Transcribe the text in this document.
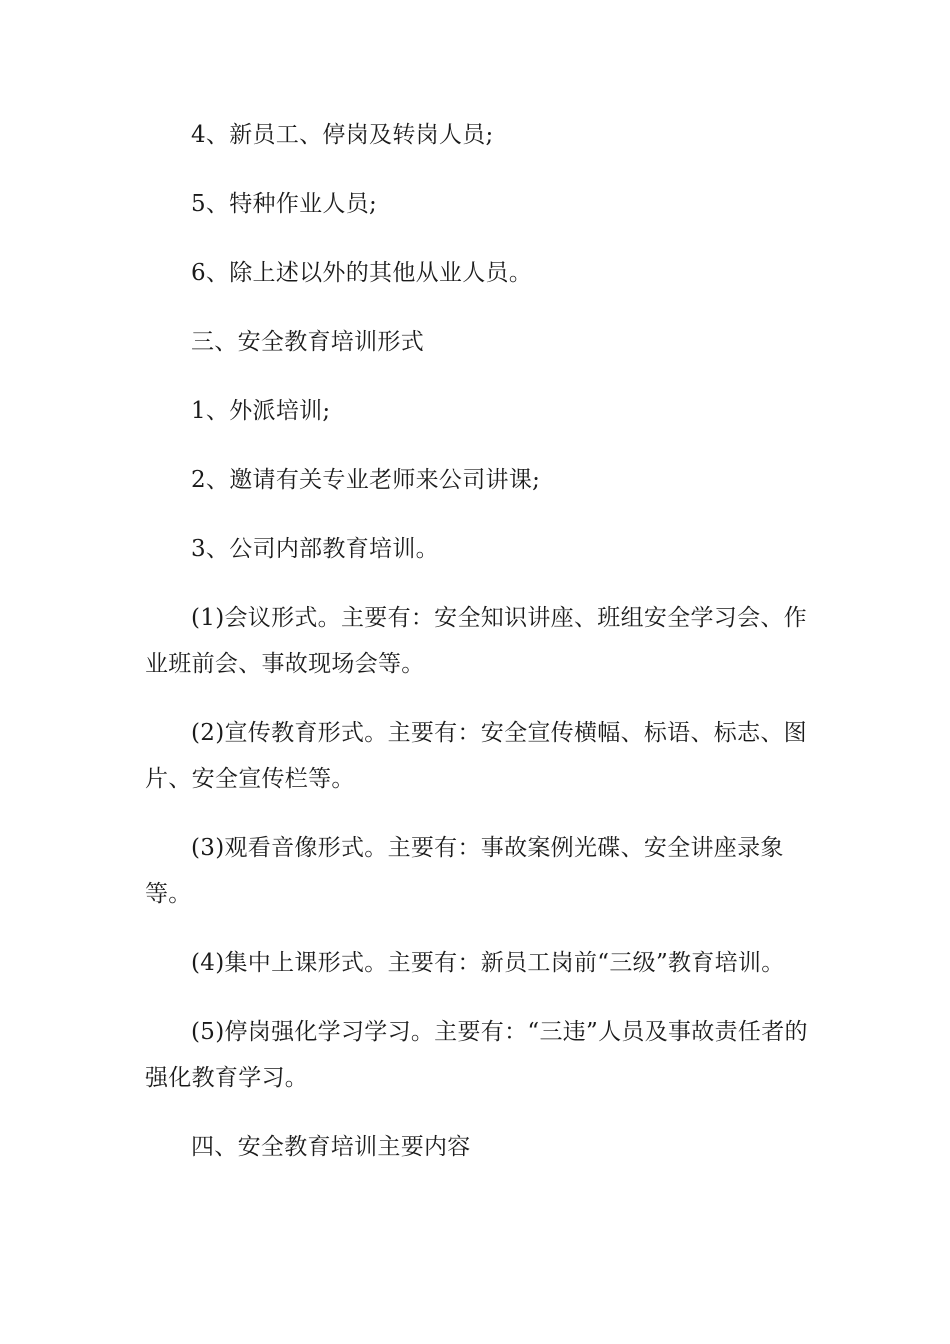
4、新员工、停岗及转岗人员;

5、特种作业人员;

6、除上述以外的其他从业人员。

三、安全教育培训形式

1、外派培训;

2、邀请有关专业老师来公司讲课;

3、公司内部教育培训。

(1)会议形式。主要有：安全知识讲座、班组安全学习会、作业班前会、事故现场会等。

(2)宣传教育形式。主要有：安全宣传横幅、标语、标志、图片、安全宣传栏等。

(3)观看音像形式。主要有：事故案例光碟、安全讲座录象等。

(4)集中上课形式。主要有：新员工岗前“三级”教育培训。

(5)停岗强化学习学习。主要有：“三违”人员及事故责任者的强化教育学习。

四、安全教育培训主要内容
